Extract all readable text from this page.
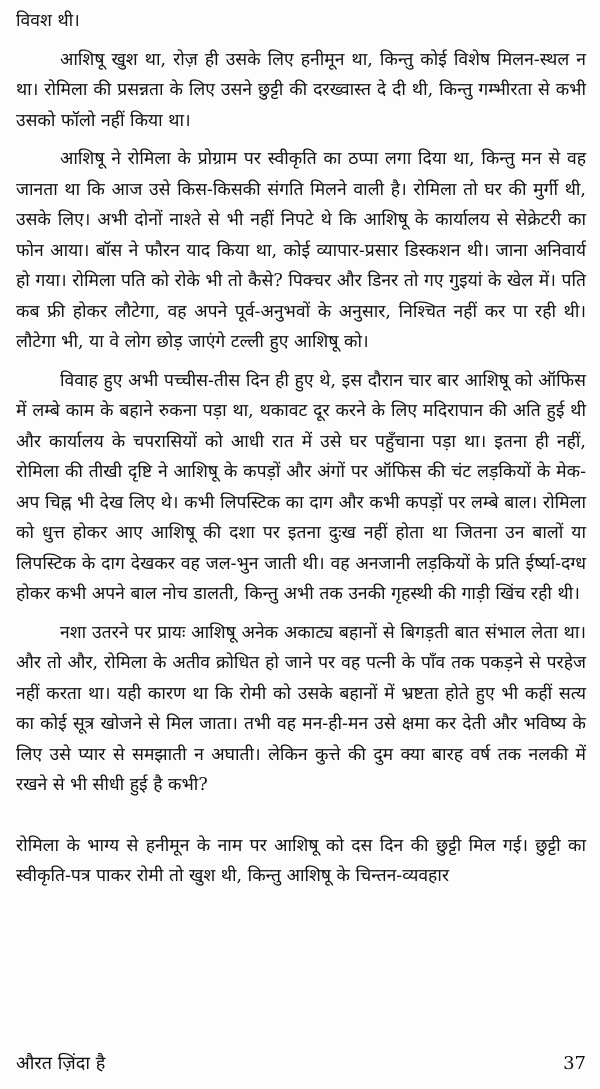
विवश थी।

आशिषू खुश था, रोज़ ही उसके लिए हनीमून था, किन्तु कोई विशेष मिलन-स्थल न था। रोमिला की प्रसन्नता के लिए उसने छुट्टी की दरख्वास्त दे दी थी, किन्तु गम्भीरता से कभी उसको फॉलो नहीं किया था।

आशिषू ने रोमिला के प्रोग्राम पर स्वीकृति का ठप्पा लगा दिया था, किन्तु मन से वह जानता था कि आज उसे किस-किसकी संगति मिलने वाली है। रोमिला तो घर की मुर्गी थी, उसके लिए। अभी दोनों नाश्ते से भी नहीं निपटे थे कि आशिषू के कार्यालय से सेक्रेटरी का फोन आया। बॉस ने फौरन याद किया था, कोई व्यापार-प्रसार डिस्कशन थी। जाना अनिवार्य हो गया। रोमिला पति को रोके भी तो कैसे? पिक्चर और डिनर तो गए गुइयां के खेल में। पति कब फ्री होकर लौटेगा, वह अपने पूर्व-अनुभवों के अनुसार, निश्चित नहीं कर पा रही थी। लौटेगा भी, या वे लोग छोड़ जाएंगे टल्ली हुए आशिषू को।

विवाह हुए अभी पच्चीस-तीस दिन ही हुए थे, इस दौरान चार बार आशिषू को ऑफिस में लम्बे काम के बहाने रुकना पड़ा था, थकावट दूर करने के लिए मदिरापान की अति हुई थी और कार्यालय के चपरासियों को आधी रात में उसे घर पहुँचाना पड़ा था। इतना ही नहीं, रोमिला की तीखी दृष्टि ने आशिषू के कपड़ों और अंगों पर ऑफिस की चंट लड़कियों के मेक-अप चिह्न भी देख लिए थे। कभी लिपस्टिक का दाग और कभी कपड़ों पर लम्बे बाल। रोमिला को धुत्त होकर आए आशिषू की दशा पर इतना दुःख नहीं होता था जितना उन बालों या लिपस्टिक के दाग देखकर वह जल-भुन जाती थी। वह अनजानी लड़कियों के प्रति ईर्ष्या-दग्ध होकर कभी अपने बाल नोच डालती, किन्तु अभी तक उनकी गृहस्थी की गाड़ी खिंच रही थी।

नशा उतरने पर प्रायः आशिषू अनेक अकाट्य बहानों से बिगड़ती बात संभाल लेता था। और तो और, रोमिला के अतीव क्रोधित हो जाने पर वह पत्नी के पाँव तक पकड़ने से परहेज नहीं करता था। यही कारण था कि रोमी को उसके बहानों में भ्रष्टता होते हुए भी कहीं सत्य का कोई सूत्र खोजने से मिल जाता। तभी वह मन-ही-मन उसे क्षमा कर देती और भविष्य के लिए उसे प्यार से समझाती न अघाती। लेकिन कुत्ते की दुम क्या बारह वर्ष तक नलकी में रखने से भी सीधी हुई है कभी?

रोमिला के भाग्य से हनीमून के नाम पर आशिषू को दस दिन की छुट्टी मिल गई। छुट्टी का स्वीकृति-पत्र पाकर रोमी तो खुश थी, किन्तु आशिषू के चिन्तन-व्यवहार

औरत ज़िंदा है	37
